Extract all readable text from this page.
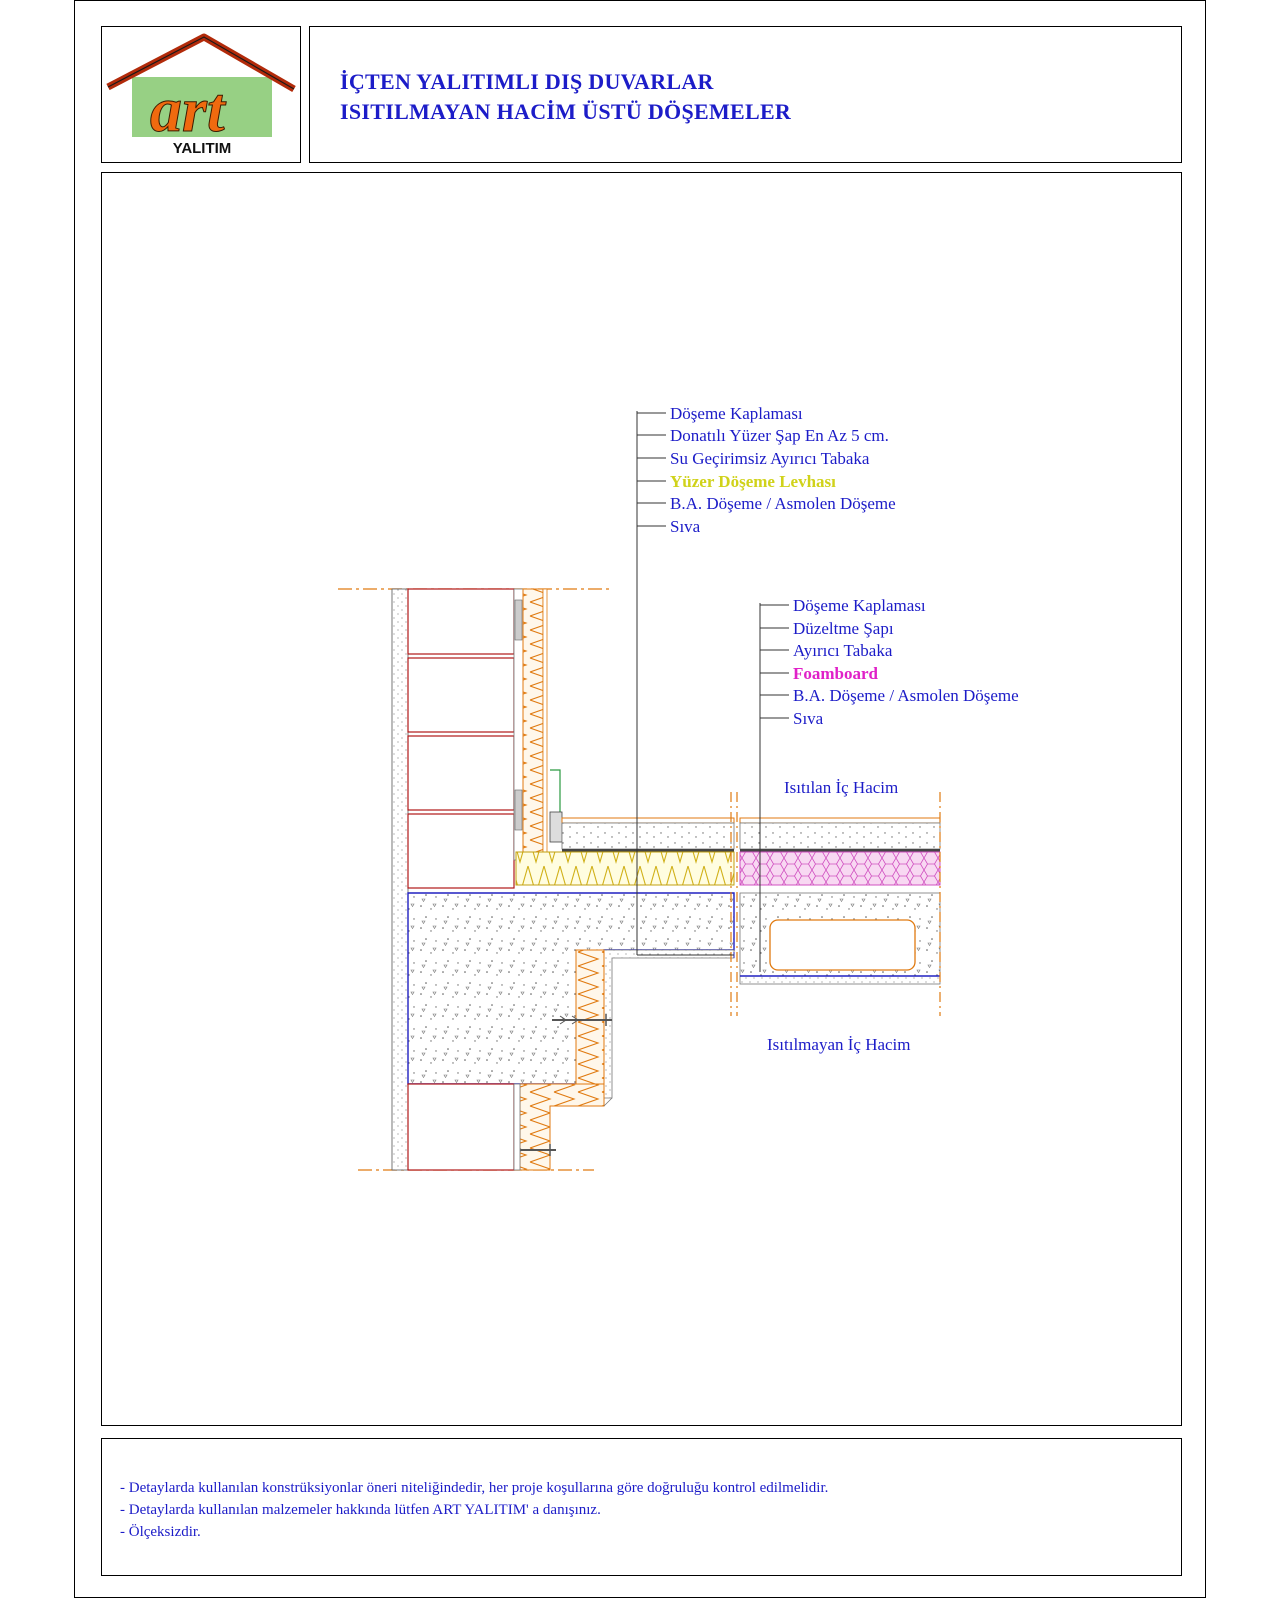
art
YALITIM
İÇTEN YALITIMLI DIŞ DUVARLAR
ISITILMAYAN HACİM ÜSTÜ DÖŞEMELER
Döşeme Kaplaması
Donatılı Yüzer Şap En Az 5 cm.
Su Geçirimsiz Ayırıcı Tabaka
Yüzer Döşeme Levhası
B.A. Döşeme / Asmolen Döşeme
Sıva
Döşeme Kaplaması
Düzeltme Şapı
Ayırıcı Tabaka
Foamboard
B.A. Döşeme / Asmolen Döşeme
Sıva
Isıtılan İç Hacim
Isıtılmayan İç Hacim
- Detaylarda kullanılan konstrüksiyonlar öneri niteliğindedir, her proje koşullarına göre doğruluğu kontrol edilmelidir.
- Detaylarda kullanılan malzemeler hakkında lütfen ART YALITIM' a danışınız.
- Ölçeksizdir.
